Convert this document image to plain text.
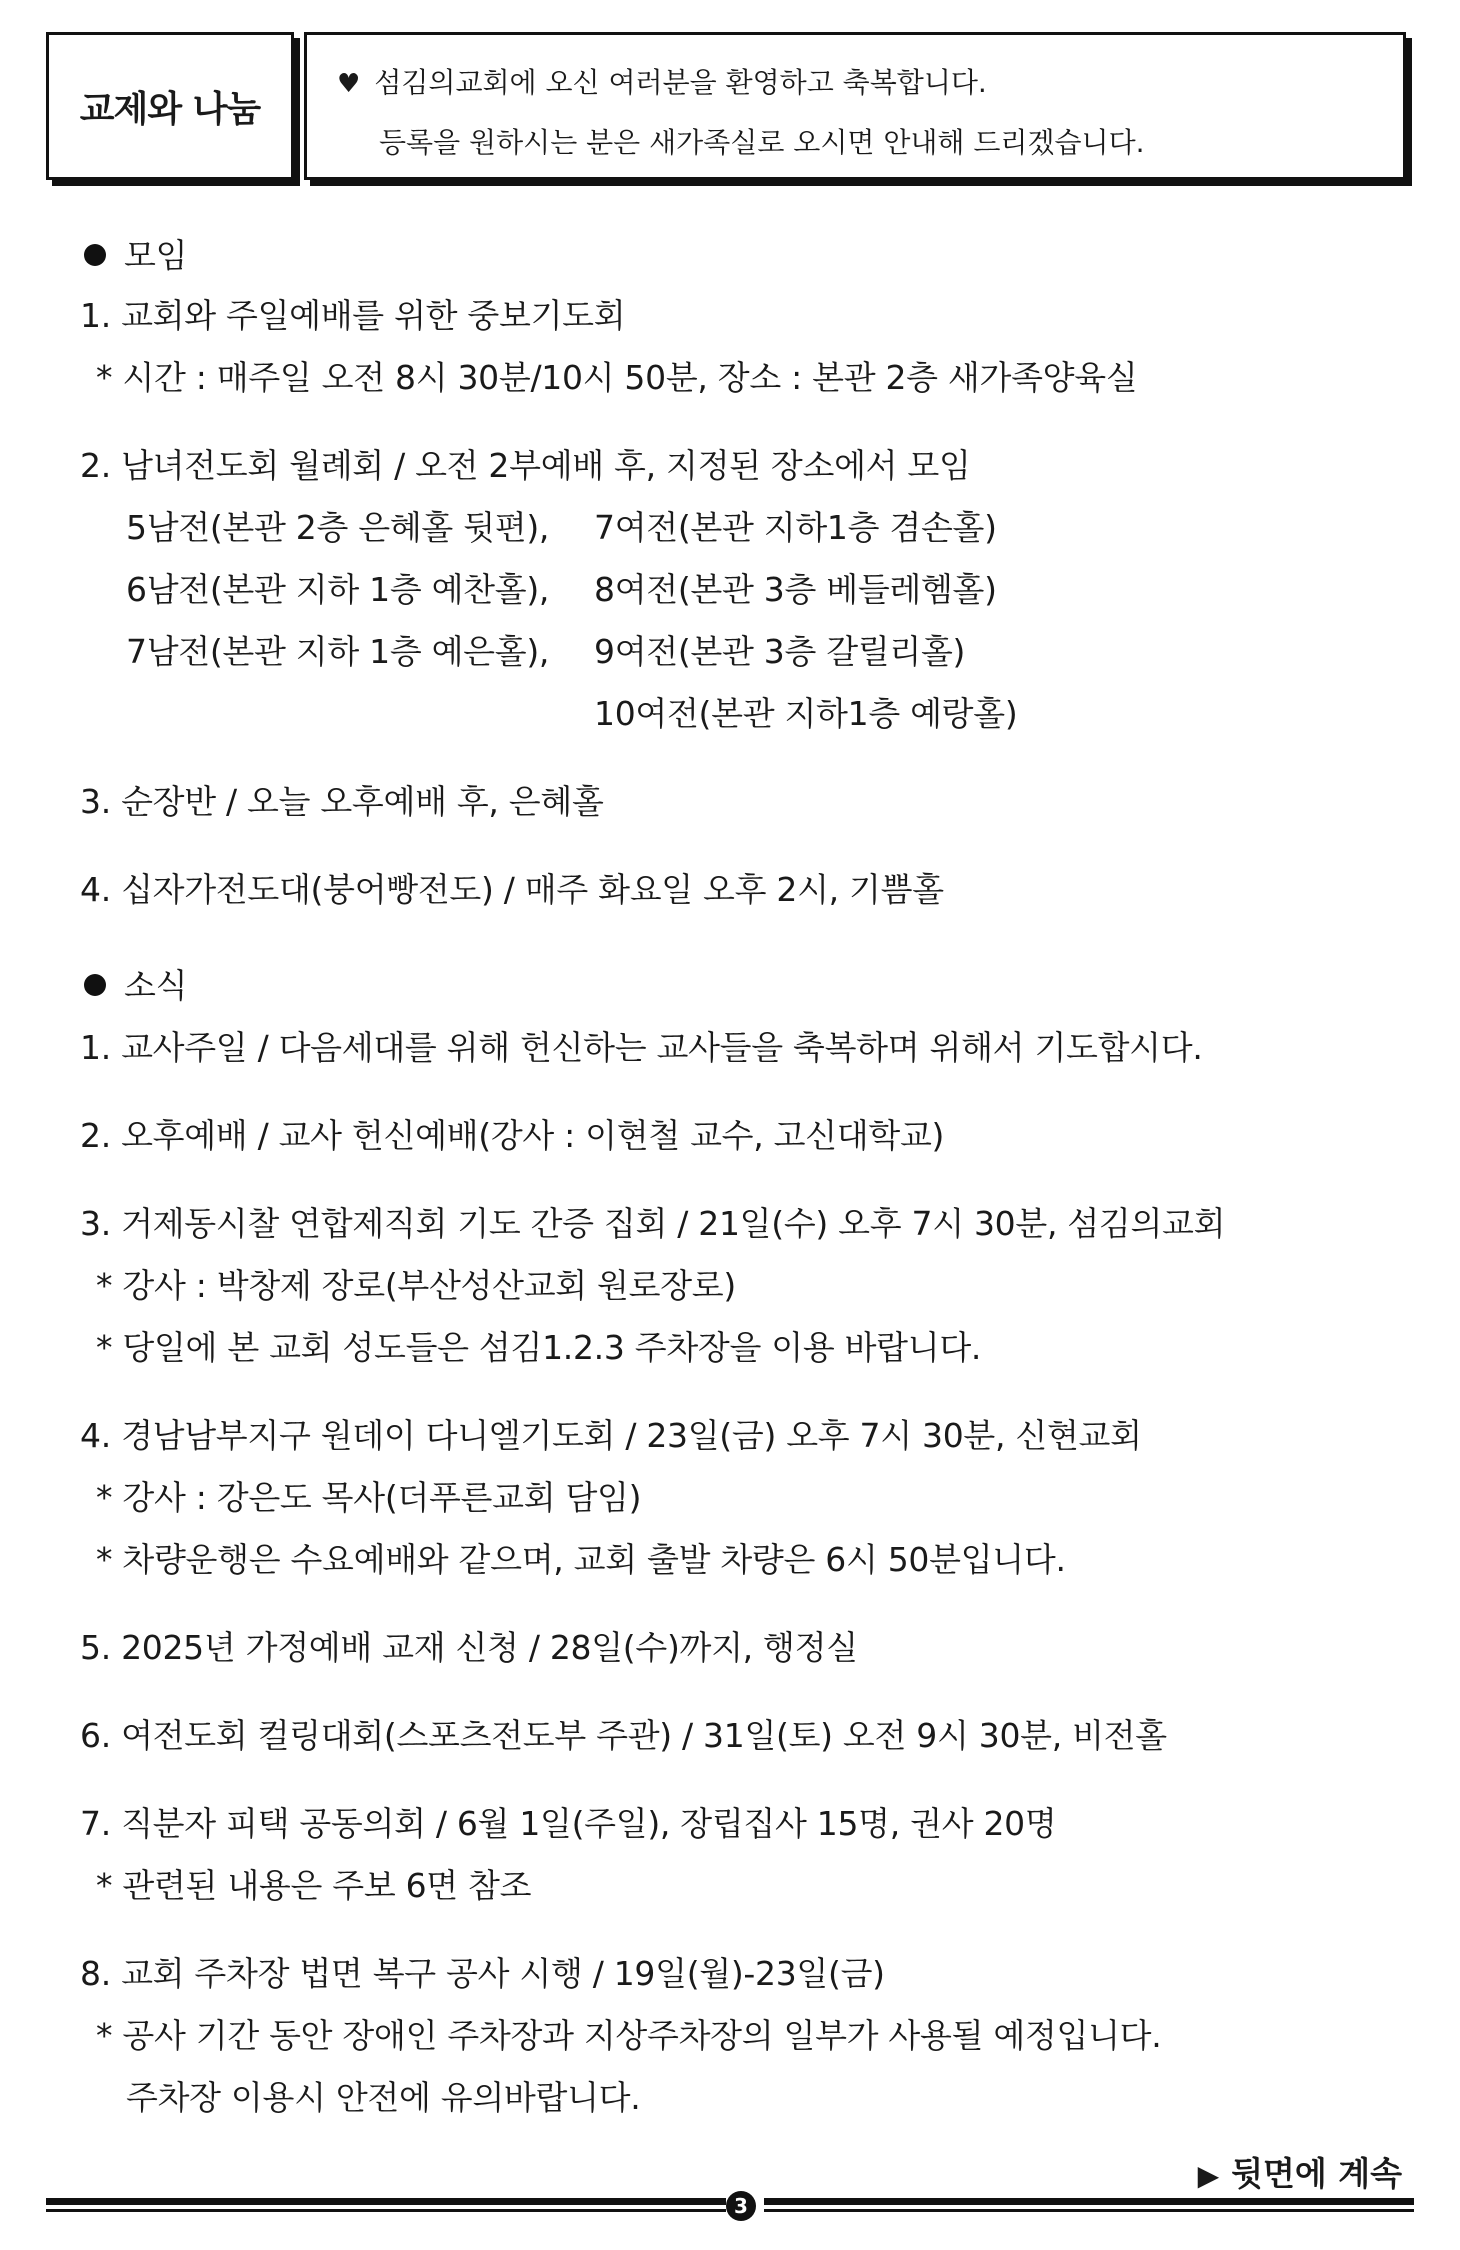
교제와 나눔
♥ 섬김의교회에 오신 여러분을 환영하고 축복합니다.
등록을 원하시는 분은 새가족실로 오시면 안내해 드리겠습니다.
모임
1. 교회와 주일예배를 위한 중보기도회
* 시간 : 매주일 오전 8시 30분/10시 50분, 장소 : 본관 2층 새가족양육실
2. 남녀전도회 월례회 / 오전 2부예배 후, 지정된 장소에서 모임
5남전(본관 2층 은혜홀 뒷편), 7여전(본관 지하1층 겸손홀)
6남전(본관 지하 1층 예찬홀), 8여전(본관 3층 베들레헴홀)
7남전(본관 지하 1층 예은홀), 9여전(본관 3층 갈릴리홀)
10여전(본관 지하1층 예랑홀)
3. 순장반 / 오늘 오후예배 후, 은혜홀
4. 십자가전도대(붕어빵전도) / 매주 화요일 오후 2시, 기쁨홀
소식
1. 교사주일 / 다음세대를 위해 헌신하는 교사들을 축복하며 위해서 기도합시다.
2. 오후예배 / 교사 헌신예배(강사 : 이현철 교수, 고신대학교)
3. 거제동시찰 연합제직회 기도 간증 집회 / 21일(수) 오후 7시 30분, 섬김의교회
* 강사 : 박창제 장로(부산성산교회 원로장로)
* 당일에 본 교회 성도들은 섬김1.2.3 주차장을 이용 바랍니다.
4. 경남남부지구 원데이 다니엘기도회 / 23일(금) 오후 7시 30분, 신현교회
* 강사 : 강은도 목사(더푸른교회 담임)
* 차량운행은 수요예배와 같으며, 교회 출발 차량은 6시 50분입니다.
5. 2025년 가정예배 교재 신청 / 28일(수)까지, 행정실
6. 여전도회 컬링대회(스포츠전도부 주관) / 31일(토) 오전 9시 30분, 비전홀
7. 직분자 피택 공동의회 / 6월 1일(주일), 장립집사 15명, 권사 20명
* 관련된 내용은 주보 6면 참조
8. 교회 주차장 법면 복구 공사 시행 / 19일(월)-23일(금)
* 공사 기간 동안 장애인 주차장과 지상주차장의 일부가 사용될 예정입니다.
주차장 이용시 안전에 유의바랍니다.
▶ 뒷면에 계속
3
